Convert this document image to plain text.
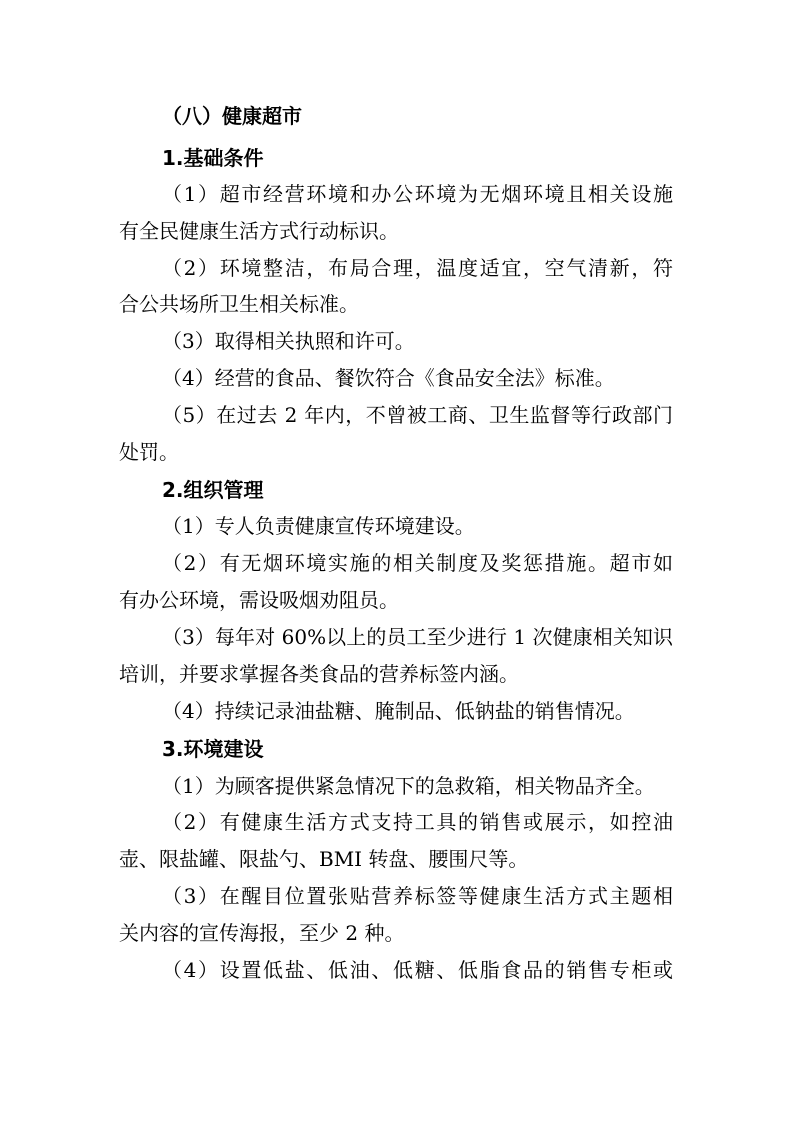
（八）健康超市
1.基础条件
（1）超市经营环境和办公环境为无烟环境且相关设施
有全民健康生活方式行动标识。
（2）环境整洁，布局合理，温度适宜，空气清新，符
合公共场所卫生相关标准。
（3）取得相关执照和许可。
（4）经营的食品、餐饮符合《食品安全法》标准。
（5）在过去 2 年内，不曾被工商、卫生监督等行政部门
处罚。
2.组织管理
（1）专人负责健康宣传环境建设。
（2）有无烟环境实施的相关制度及奖惩措施。超市如
有办公环境，需设吸烟劝阻员。
（3）每年对 60%以上的员工至少进行 1 次健康相关知识
培训，并要求掌握各类食品的营养标签内涵。
（4）持续记录油盐糖、腌制品、低钠盐的销售情况。
3.环境建设
（1）为顾客提供紧急情况下的急救箱，相关物品齐全。
（2）有健康生活方式支持工具的销售或展示，如控油
壶、限盐罐、限盐勺、BMI 转盘、腰围尺等。
（3）在醒目位置张贴营养标签等健康生活方式主题相
关内容的宣传海报，至少 2 种。
（4）设置低盐、低油、低糖、低脂食品的销售专柜或
